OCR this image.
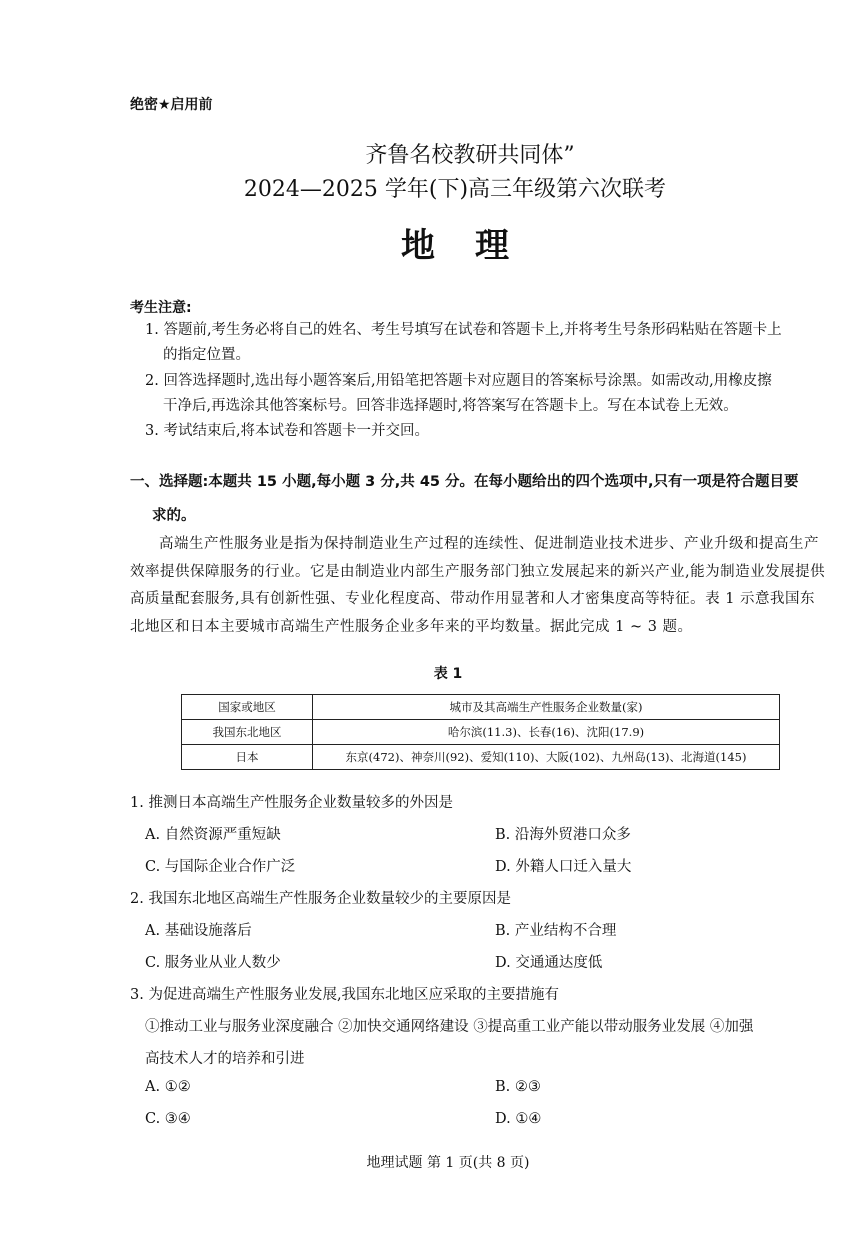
绝密★启用前
齐鲁名校教研共同体”
2024—2025 学年(下)高三年级第六次联考
地理
考生注意:
1. 答题前,考生务必将自己的姓名、考生号填写在试卷和答题卡上,并将考生号条形码粘贴在答题卡上
的指定位置。
2. 回答选择题时,选出每小题答案后,用铅笔把答题卡对应题目的答案标号涂黑。如需改动,用橡皮擦
干净后,再选涂其他答案标号。回答非选择题时,将答案写在答题卡上。写在本试卷上无效。
3. 考试结束后,将本试卷和答题卡一并交回。
一、选择题:本题共 15 小题,每小题 3 分,共 45 分。在每小题给出的四个选项中,只有一项是符合题目要
求的。
高端生产性服务业是指为保持制造业生产过程的连续性、促进制造业技术进步、产业升级和提高生产效率提供保障服务的行业。它是由制造业内部生产服务部门独立发展起来的新兴产业,能为制造业发展提供高质量配套服务,具有创新性强、专业化程度高、带动作用显著和人才密集度高等特征。表 1 示意我国东北地区和日本主要城市高端生产性服务企业多年来的平均数量。据此完成 1 ~ 3 题。
表 1
国家或地区	城市及其高端生产性服务企业数量(家)
我国东北地区	哈尔滨(11.3)、长春(16)、沈阳(17.9)
日本	东京(472)、神奈川(92)、爱知(110)、大阪(102)、九州岛(13)、北海道(145)
1. 推测日本高端生产性服务企业数量较多的外因是
A. 自然资源严重短缺	B. 沿海外贸港口众多
C. 与国际企业合作广泛	D. 外籍人口迁入量大
2. 我国东北地区高端生产性服务企业数量较少的主要原因是
A. 基础设施落后	B. 产业结构不合理
C. 服务业从业人数少	D. 交通通达度低
3. 为促进高端生产性服务业发展,我国东北地区应采取的主要措施有
①推动工业与服务业深度融合 ②加快交通网络建设 ③提高重工业产能以带动服务业发展 ④加强
高技术人才的培养和引进
A. ①②	B. ②③
C. ③④	D. ①④
地理试题 第 1 页(共 8 页)
